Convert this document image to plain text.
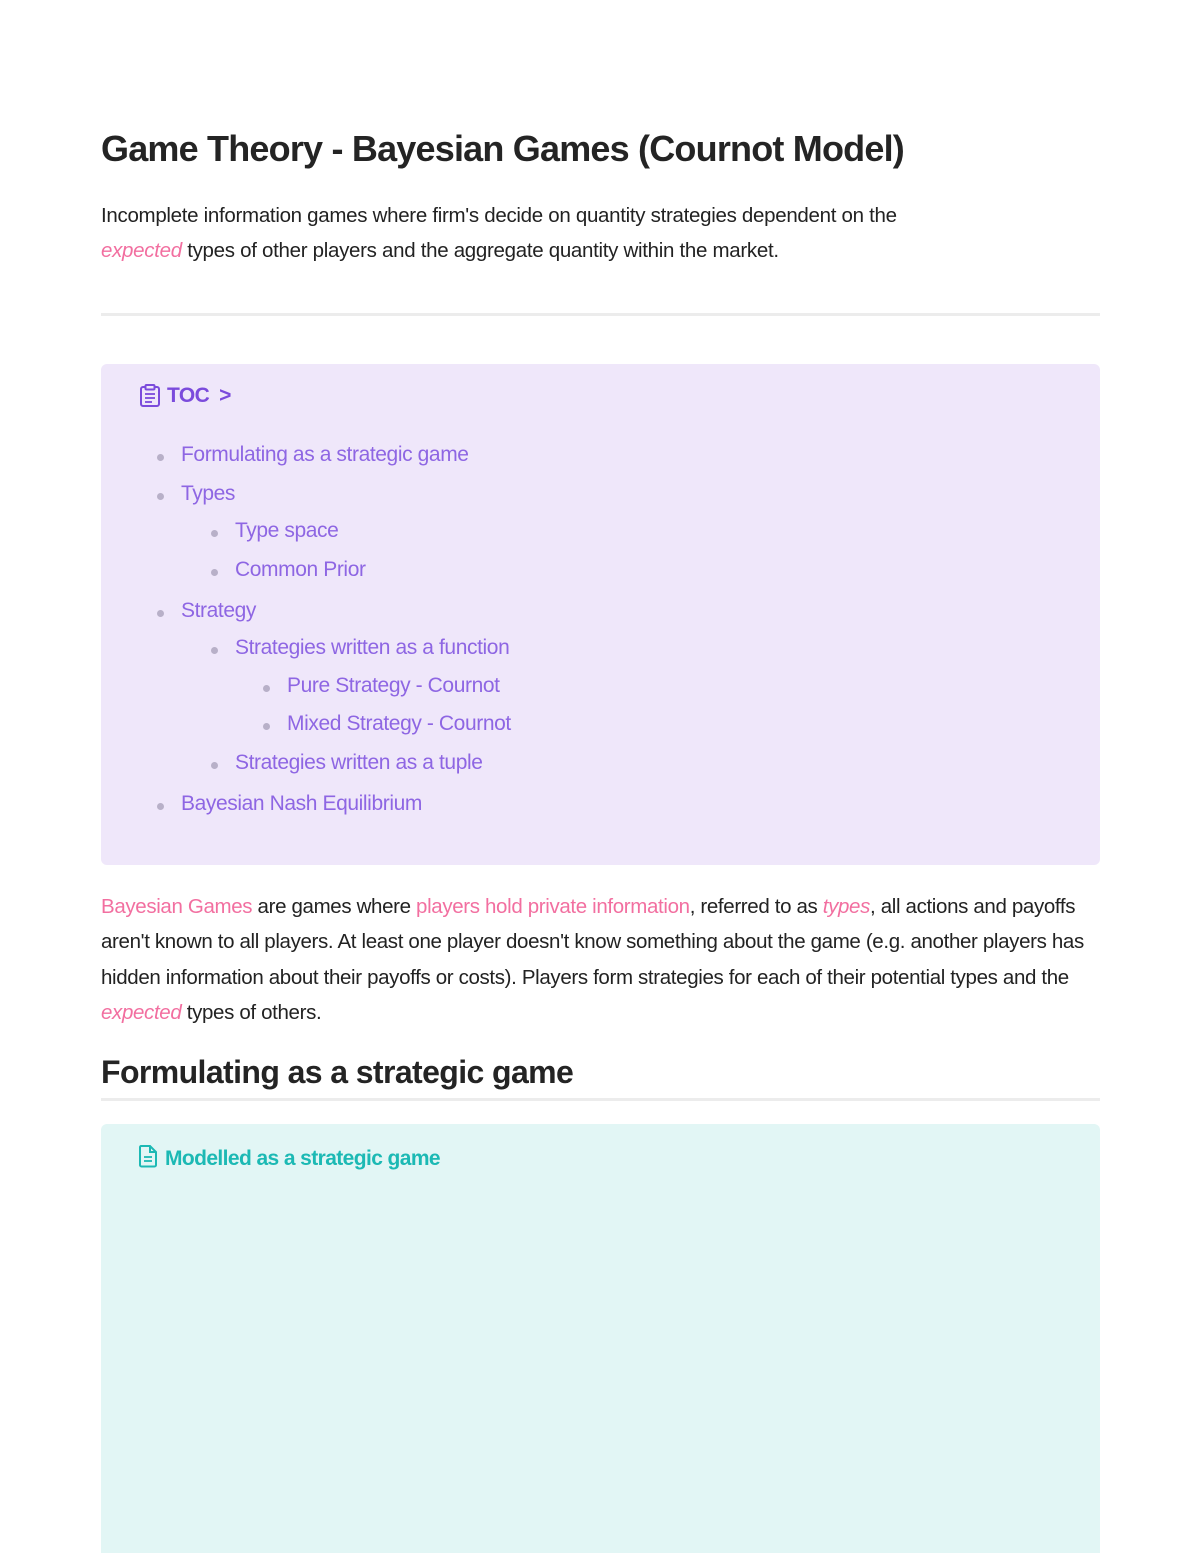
Game Theory - Bayesian Games (Cournot Model)

Incomplete information games where firm's decide on quantity strategies dependent on the
expected types of other players and the aggregate quantity within the market.

TOC >
Formulating as a strategic game
Types
Type space
Common Prior
Strategy
Strategies written as a function
Pure Strategy - Cournot
Mixed Strategy - Cournot
Strategies written as a tuple
Bayesian Nash Equilibrium

Bayesian Games are games where players hold private information, referred to as types, all actions and payoffs aren't known to all players. At least one player doesn't know something about the game (e.g. another players has hidden information about their payoffs or costs). Players form strategies for each of their potential types and the expected types of others.

Formulating as a strategic game
Modelled as a strategic game
